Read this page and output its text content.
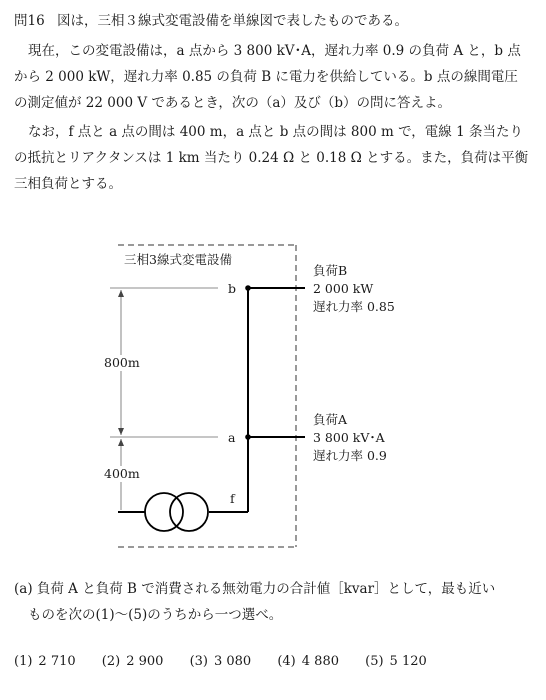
問16 図は，三相３線式変電設備を単線図で表したものである。
現在，この変電設備は，a 点から 3 800 kV･A，遅れ力率 0.9 の負荷 A と，b 点
から 2 000 kW，遅れ力率 0.85 の負荷 B に電力を供給している。b 点の線間電圧
の測定値が 22 000 V であるとき，次の（a）及び（b）の問に答えよ。
なお，f 点と a 点の間は 400 m，a 点と b 点の間は 800 m で，電線 1 条当たり
の抵抗とリアクタンスは 1 km 当たり 0.24 Ω と 0.18 Ω とする。また，負荷は平衡
三相負荷とする。
三相3線式変電設備
b
a
f
800m
400m
負荷B
2 000 kW
遅れ力率 0.85
負荷A
3 800 kV･A
遅れ力率 0.9
(a) 負荷 A と負荷 B で消費される無効電力の合計値［kvar］として，最も近い
ものを次の(1)～(5)のうちから一つ選べ。
(1) 2 710 (2) 2 900 (3) 3 080 (4) 4 880 (5) 5 120
